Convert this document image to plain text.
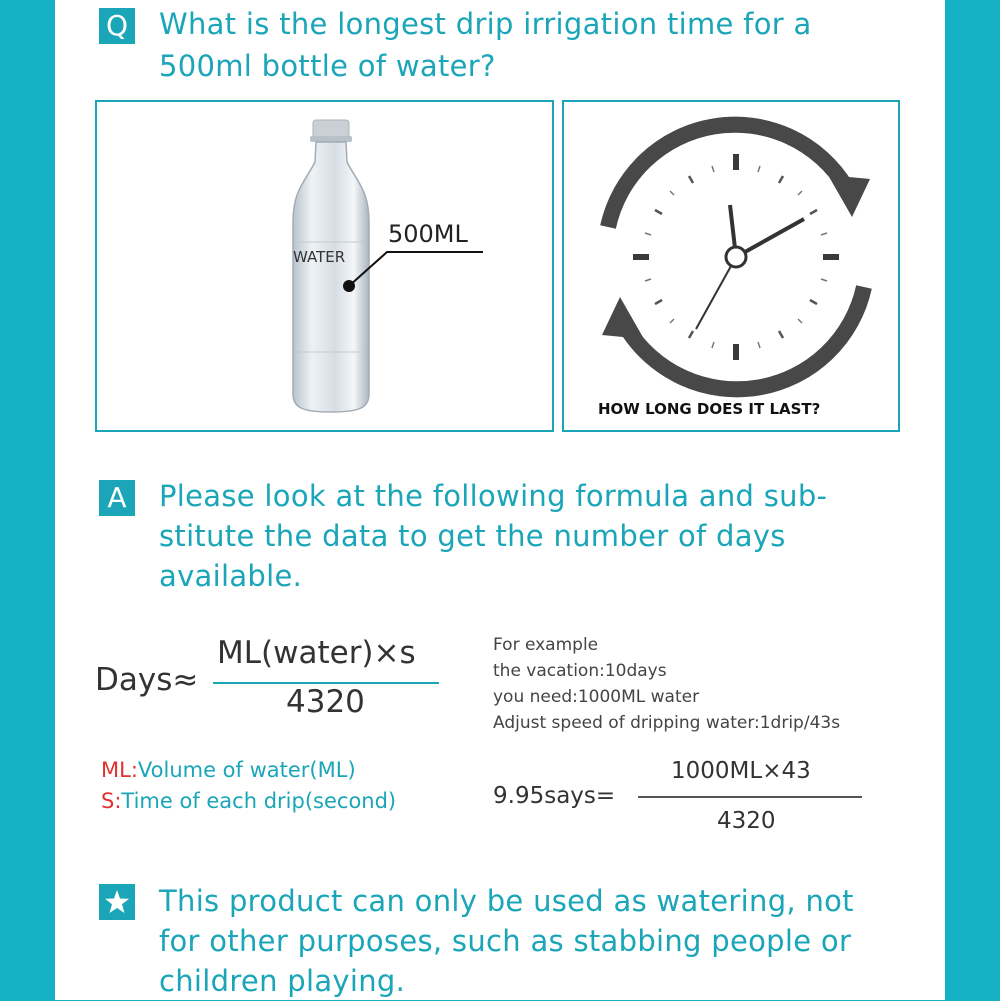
Q What is the longest drip irrigation time for a

500ml bottle of water?

WATER
500ML
HOW LONG DOES IT LAST?
A Please look at the following formula and sub-

stitute the data to get the number of days

available.

Days≈
ML(water)×s
4320
ML:Volume of water(ML)
S:Time of each drip(second)
For example
the vacation:10days
you need:1000ML water
Adjust speed of dripping water:1drip/43s
9.95says=
1000ML×43
4320

This product can only be used as watering, not

for other purposes, such as stabbing people or

children playing.
